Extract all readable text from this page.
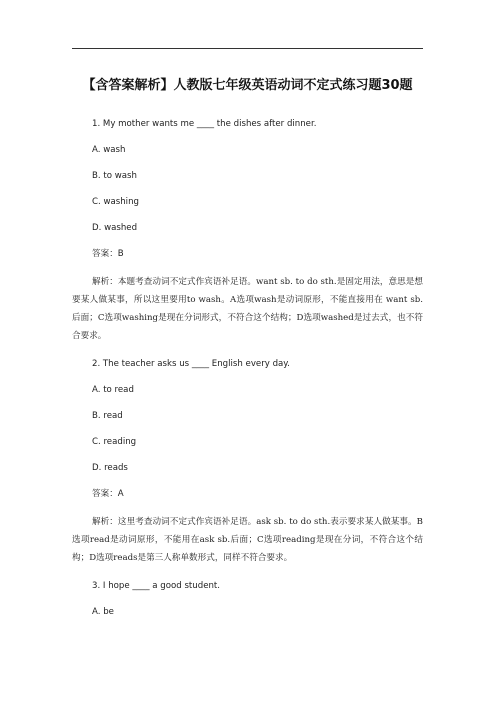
【含答案解析】人教版七年级英语动词不定式练习题30题

1. My mother wants me ____ the dishes after dinner.

A. wash

B. to wash

C. washing

D. washed

答案：B

解析：本题考查动词不定式作宾语补足语。want sb. to do sth.是固定用法，意思是想要某人做某事，所以这里要用to wash。A选项wash是动词原形，不能直接用在 want sb.后面；C选项washing是现在分词形式，不符合这个结构；D选项washed是过去式，也不符合要求。

2. The teacher asks us ____ English every day.

A. to read

B. read

C. reading

D. reads

答案：A

解析：这里考查动词不定式作宾语补足语。ask sb. to do sth.表示要求某人做某事。B选项read是动词原形，不能用在ask sb.后面；C选项reading是现在分词，不符合这个结构；D选项reads是第三人称单数形式，同样不符合要求。

3. I hope ____ a good student.

A. be
